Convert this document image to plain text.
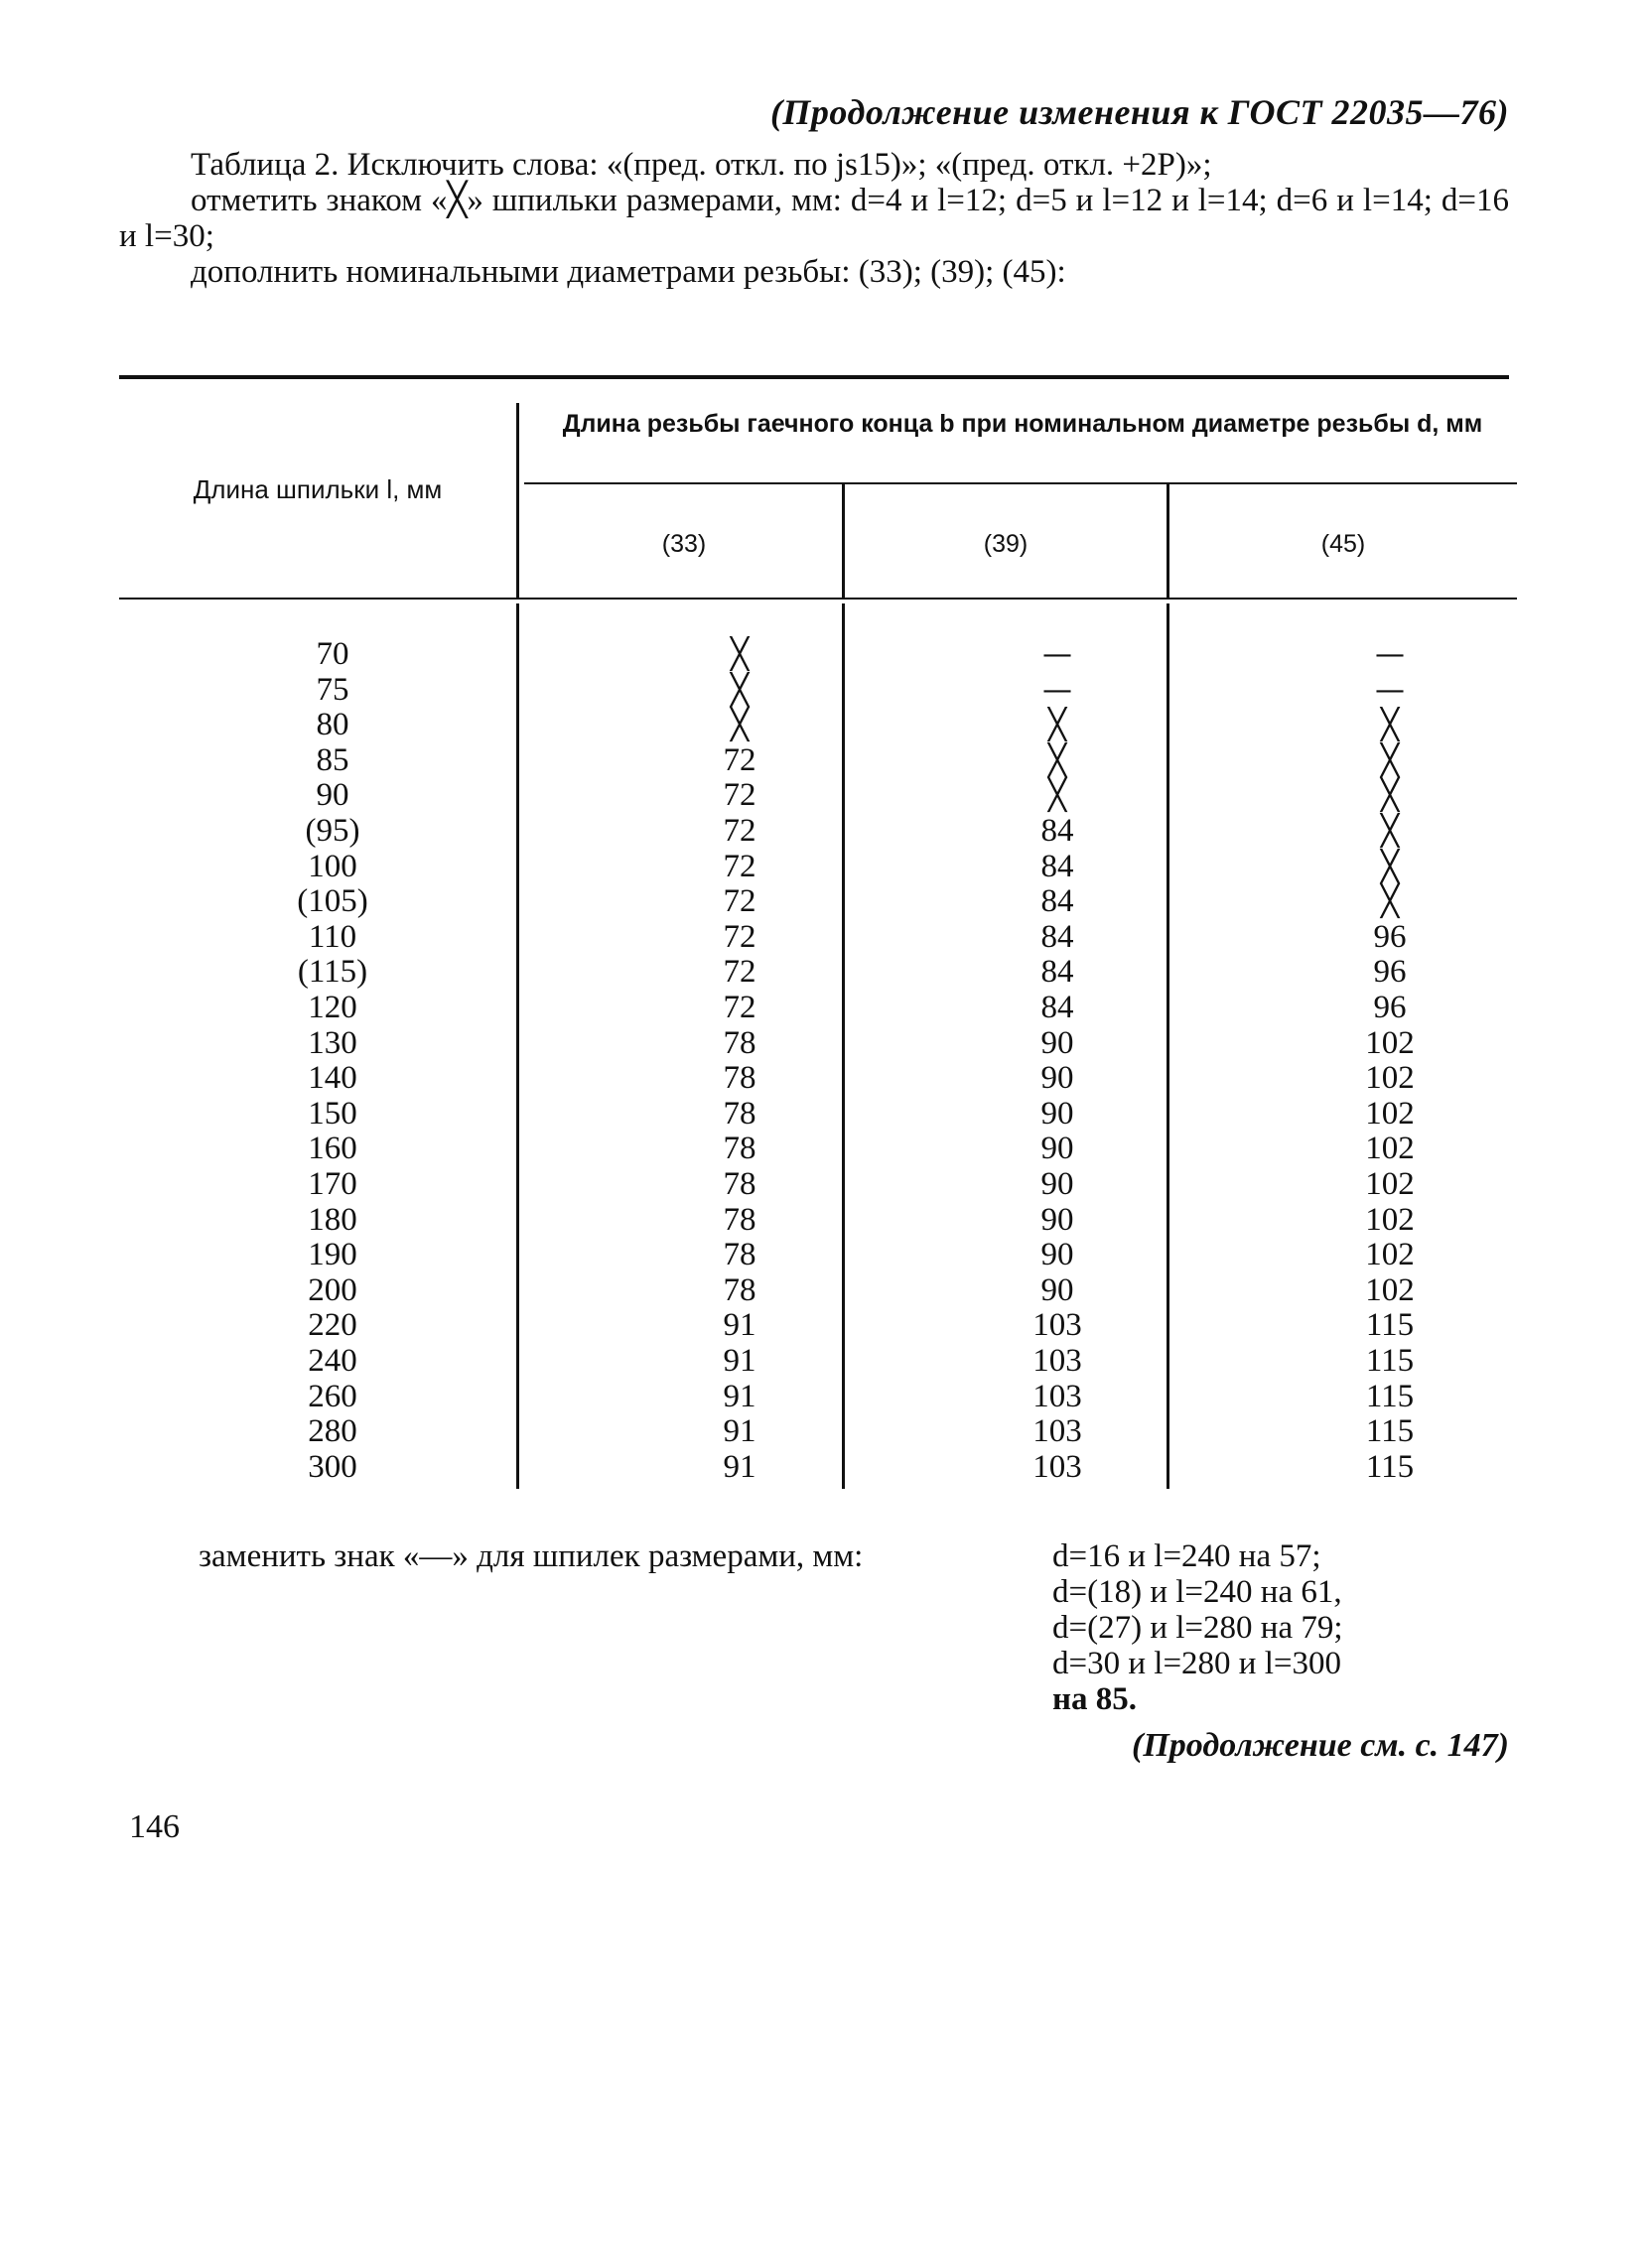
(Продолжение изменения к ГОСТ 22035—76)

Таблица 2. Исключить слова: «(пред. откл. по js15)»; «(пред. откл. +2P)»;

отметить знаком «╳» шпильки размерами, мм: d=4 и l=12; d=5 и l=12 и l=14; d=6 и l=14; d=16 и l=30;

дополнить номинальными диаметрами резьбы: (33); (39); (45):

Длина шпильки l, мм
Длина резьбы гаечного конца b при номинальном диаметре резьбы d, мм
(33)	(39)	(45)
70	╳	—	—
75	╳	—	—
80	╳	╳	╳
85	72	╳	╳
90	72	╳	╳
(95)	72	84	╳
100	72	84	╳
(105)	72	84	╳
110	72	84	96
(115)	72	84	96
120	72	84	96
130	78	90	102
140	78	90	102
150	78	90	102
160	78	90	102
170	78	90	102
180	78	90	102
190	78	90	102
200	78	90	102
220	91	103	115
240	91	103	115
260	91	103	115
280	91	103	115
300	91	103	115
заменить знак «—» для шпилек размерами, мм:	d=16 и l=240 на 57;
d=(18) и l=240 на 61,
d=(27) и l=280 на 79;
d=30 и l=280 и l=300
на 85.
(Продолжение см. с. 147)
146
